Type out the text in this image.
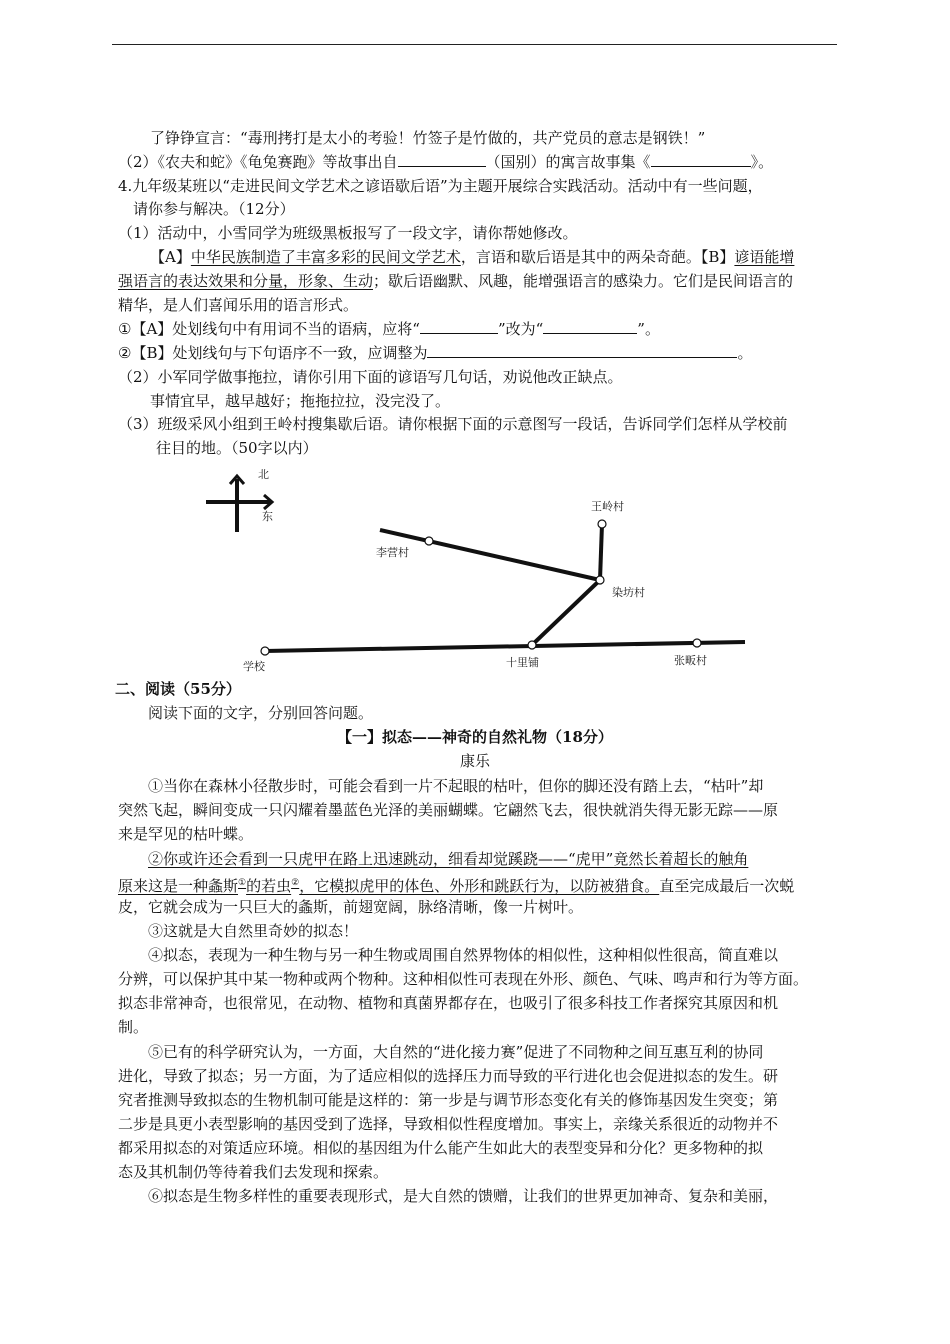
了铮铮宣言：“毒刑拷打是太小的考验！竹签子是竹做的，共产党员的意志是钢铁！”
（2）《农夫和蛇》《龟兔赛跑》等故事出自	（国别）的寓言故事集《	》。
4.九年级某班以“走进民间文学艺术之谚语歇后语”为主题开展综合实践活动。活动中有一些问题，
请你参与解决。（12分）
（1）活动中，小雪同学为班级黑板报写了一段文字，请你帮她修改。
【A】中华民族制造了丰富多彩的民间文学艺术，言语和歇后语是其中的两朵奇葩。【B】谚语能增
强语言的表达效果和分量，形象、生动；歇后语幽默、风趣，能增强语言的感染力。它们是民间语言的
精华，是人们喜闻乐用的语言形式。
①【A】处划线句中有用词不当的语病，应将“	”改为“	”。
②【B】处划线句与下句语序不一致，应调整为	。
（2）小军同学做事拖拉，请你引用下面的谚语写几句话，劝说他改正缺点。
事情宜早，越早越好；拖拖拉拉，没完没了。
（3）班级采风小组到王岭村搜集歇后语。请你根据下面的示意图写一段话，告诉同学们怎样从学校前
往目的地。（50字以内）
北
东
学校	十里铺	张畈村
染坊村
王岭村
李营村
二、阅读（55分）
阅读下面的文字，分别回答问题。
【一】拟态——神奇的自然礼物（18分）
康乐
①当你在森林小径散步时，可能会看到一片不起眼的枯叶，但你的脚还没有踏上去，“枯叶”却
突然飞起，瞬间变成一只闪耀着墨蓝色光泽的美丽蝴蝶。它翩然飞去，很快就消失得无影无踪——原
来是罕见的枯叶蝶。
②你或许还会看到一只虎甲在路上迅速跳动，细看却觉蹊跷——“虎甲”竟然长着超长的触角
原来这是一种螽斯①的若虫②，它模拟虎甲的体色、外形和跳跃行为，以防被猎食。直至完成最后一次蜕
皮，它就会成为一只巨大的螽斯，前翅宽阔，脉络清晰，像一片树叶。
③这就是大自然里奇妙的拟态！
④拟态，表现为一种生物与另一种生物或周围自然界物体的相似性，这种相似性很高，简直难以
分辨，可以保护其中某一物种或两个物种。这种相似性可表现在外形、颜色、气味、鸣声和行为等方面。
拟态非常神奇，也很常见，在动物、植物和真菌界都存在，也吸引了很多科技工作者探究其原因和机
制。
⑤已有的科学研究认为，一方面，大自然的“进化接力赛”促进了不同物种之间互惠互利的协同
进化，导致了拟态；另一方面，为了适应相似的选择压力而导致的平行进化也会促进拟态的发生。研
究者推测导致拟态的生物机制可能是这样的：第一步是与调节形态变化有关的修饰基因发生突变；第
二步是具更小表型影响的基因受到了选择，导致相似性程度增加。事实上，亲缘关系很近的动物并不
都采用拟态的对策适应环境。相似的基因组为什么能产生如此大的表型变异和分化？更多物种的拟
态及其机制仍等待着我们去发现和探索。
⑥拟态是生物多样性的重要表现形式，是大自然的馈赠，让我们的世界更加神奇、复杂和美丽，
